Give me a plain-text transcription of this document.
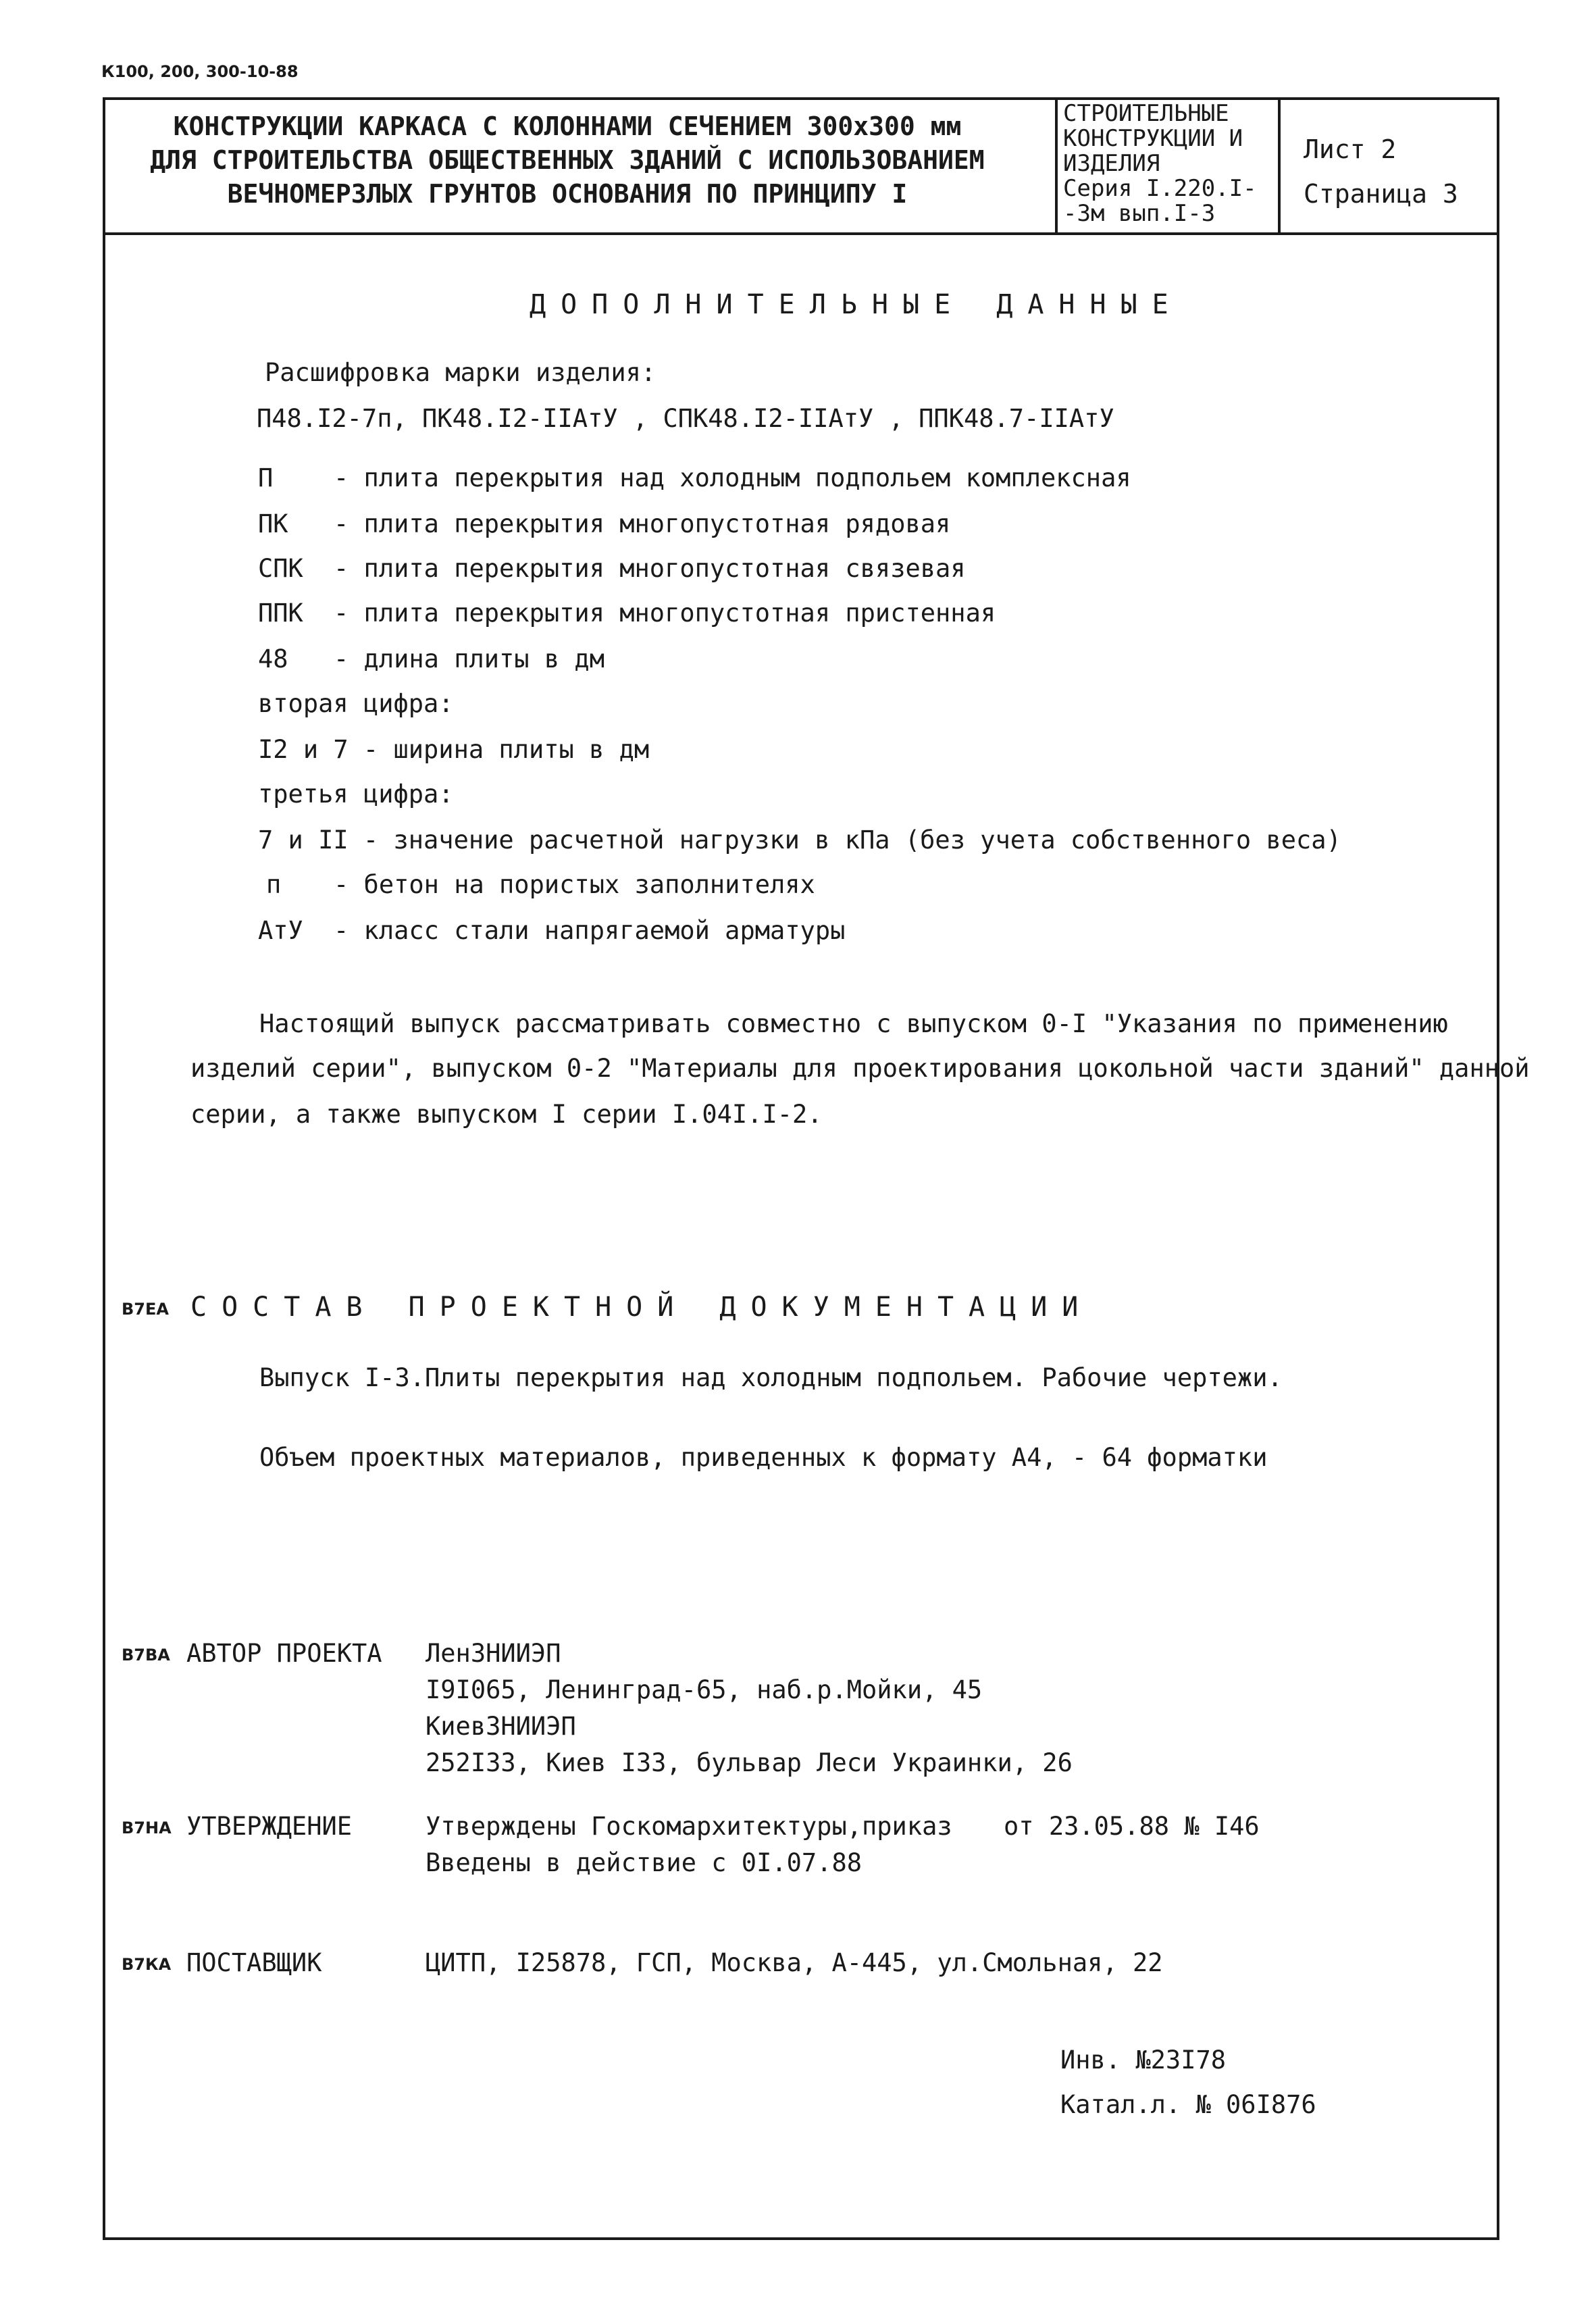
К100, 200, 300-10-88
КОНСТРУКЦИИ КАРКАСА С КОЛОННАМИ СЕЧЕНИЕМ 300х300 мм
ДЛЯ СТРОИТЕЛЬСТВА ОБЩЕСТВЕННЫХ ЗДАНИЙ С ИСПОЛЬЗОВАНИЕМ
ВЕЧНОМЕРЗЛЫХ ГРУНТОВ ОСНОВАНИЯ ПО ПРИНЦИПУ I
СТРОИТЕЛЬНЫЕ
КОНСТРУКЦИИ И
ИЗДЕЛИЯ
Серия I.220.I-
-3м вып.I-3
Лист 2
Страница 3
ДОПОЛНИТЕЛЬНЫЕ ДАННЫЕ
Расшифровка марки изделия:
П48.I2-7п, ПК48.I2-IIАтУ , СПК48.I2-IIАтУ , ППК48.7-IIАтУ
П - плита перекрытия над холодным подпольем комплексная
ПК - плита перекрытия многопустотная рядовая
СПК - плита перекрытия многопустотная связевая
ППК - плита перекрытия многопустотная пристенная
48 - длина плиты в дм
вторая цифра:
I2 и 7 - ширина плиты в дм
третья цифра:
7 и II - значение расчетной нагрузки в кПа (без учета собственного веса)
п - бетон на пористых заполнителях
АтУ - класс стали напрягаемой арматуры
Настоящий выпуск рассматривать совместно с выпуском 0-I "Указания по применению
изделий серии", выпуском 0-2 "Материалы для проектирования цокольной части зданий" данной
серии, а также выпуском I серии I.04I.I-2.
В7ЕА СОСТАВ ПРОЕКТНОЙ ДОКУМЕНТАЦИИ
Выпуск I-3.Плиты перекрытия над холодным подпольем. Рабочие чертежи.
Объем проектных материалов, приведенных к формату А4, - 64 форматки
В7ВА АВТОР ПРОЕКТА ЛенЗНИИЭП
I9I065, Ленинград-65, наб.р.Мойки, 45
КиевЗНИИЭП
252I33, Киев I33, бульвар Леси Украинки, 26
В7НА УТВЕРЖДЕНИЕ	Утверждены Госкомархитектуры,приказ от 23.05.88 № I46
Введены в действие с 0I.07.88
В7КА ПОСТАВЩИК	ЦИТП, I25878, ГСП, Москва, А-445, ул.Смольная, 22
Инв. №23I78
Катал.л. № 06I876
